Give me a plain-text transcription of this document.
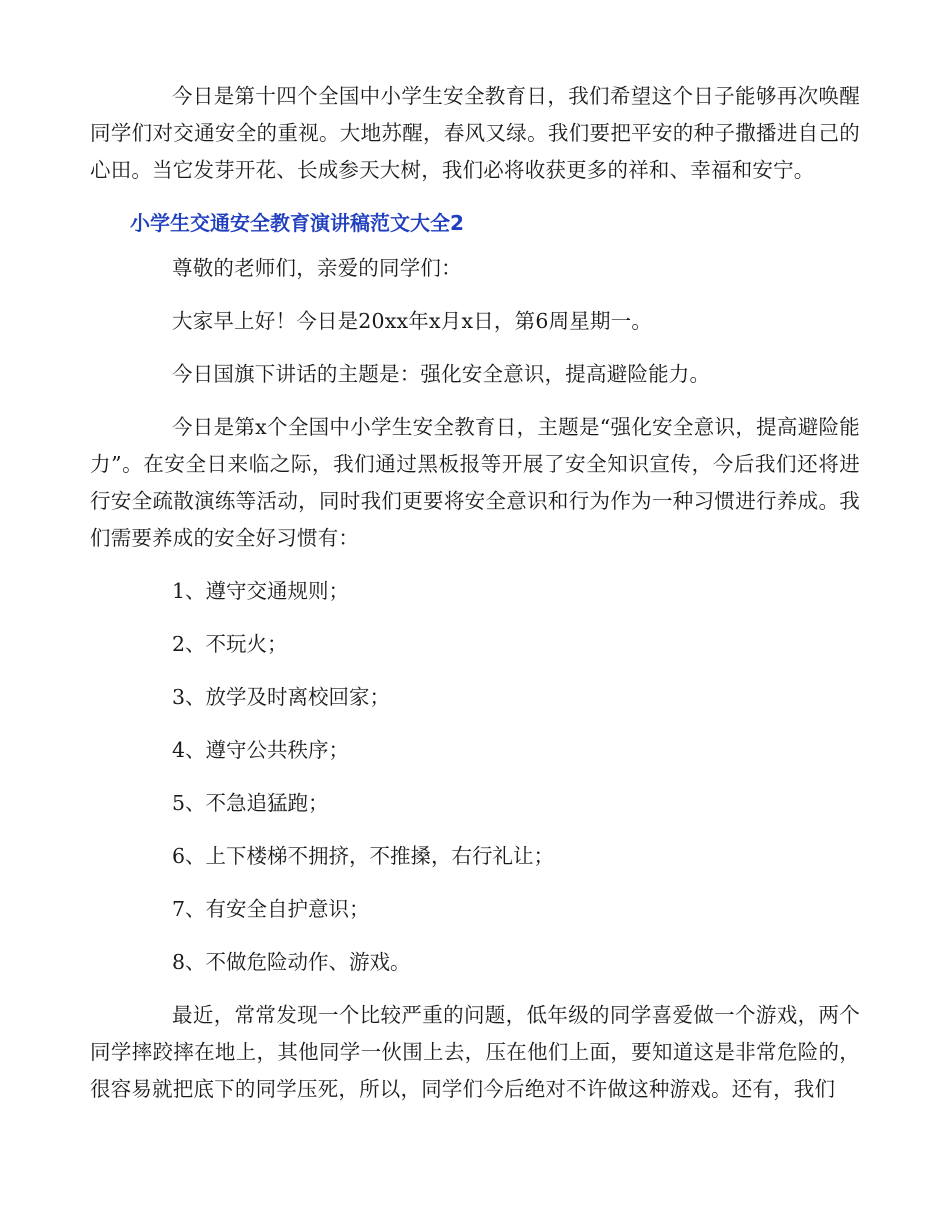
今日是第十四个全国中小学生安全教育日，我们希望这个日子能够再次唤醒同学们对交通安全的重视。大地苏醒，春风又绿。我们要把平安的种子撒播进自己的心田。当它发芽开花、长成参天大树，我们必将收获更多的祥和、幸福和安宁。

小学生交通安全教育演讲稿范文大全2

尊敬的老师们，亲爱的同学们：

大家早上好！今日是20xx年x月x日，第6周星期一。

今日国旗下讲话的主题是：强化安全意识，提高避险能力。

今日是第x个全国中小学生安全教育日，主题是“强化安全意识，提高避险能力”。在安全日来临之际，我们通过黑板报等开展了安全知识宣传，今后我们还将进行安全疏散演练等活动，同时我们更要将安全意识和行为作为一种习惯进行养成。我们需要养成的安全好习惯有：

1、遵守交通规则；

2、不玩火；

3、放学及时离校回家；

4、遵守公共秩序；

5、不急追猛跑；

6、上下楼梯不拥挤，不推搡，右行礼让；

7、有安全自护意识；

8、不做危险动作、游戏。

最近，常常发现一个比较严重的问题，低年级的同学喜爱做一个游戏，两个同学摔跤摔在地上，其他同学一伙围上去，压在他们上面，要知道这是非常危险的，很容易就把底下的同学压死，所以，同学们今后绝对不许做这种游戏。还有，我们
